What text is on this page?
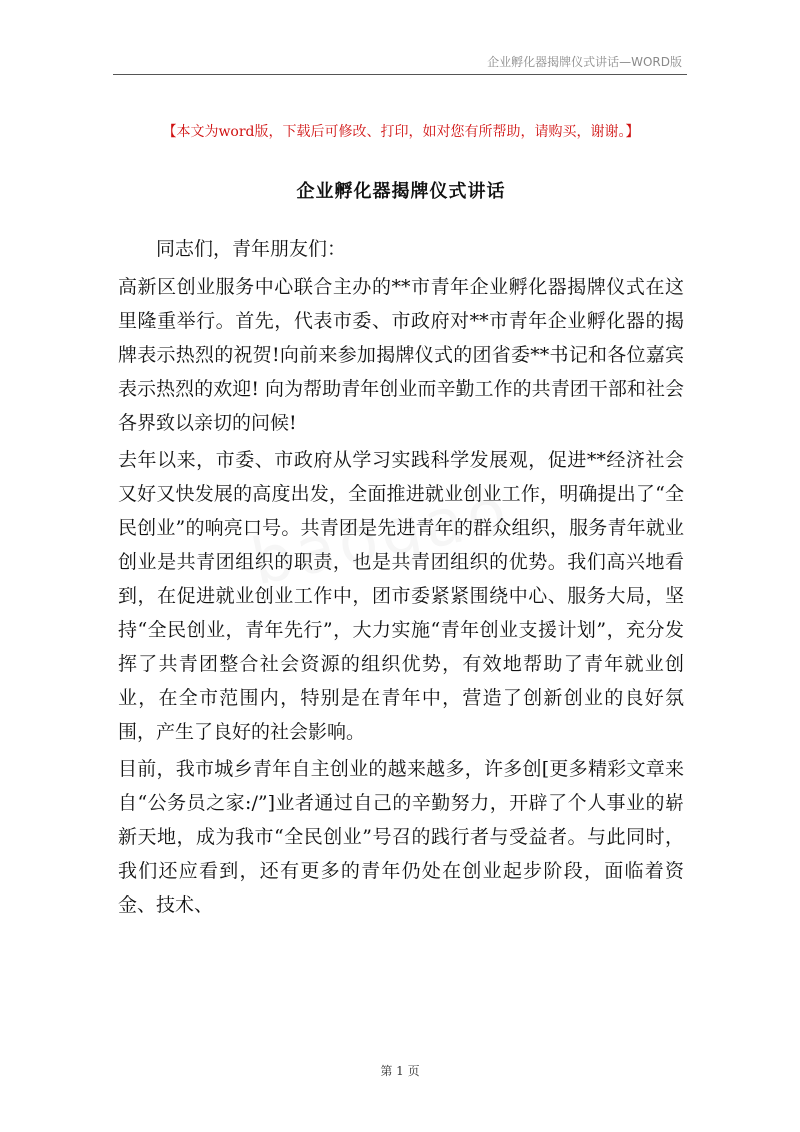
企业孵化器揭牌仪式讲话—WORD版
【本文为word版，下载后可修改、打印，如对您有所帮助，请购买，谢谢。】
企业孵化器揭牌仪式讲话

同志们，青年朋友们：

高新区创业服务中心联合主办的**市青年企业孵化器揭牌仪式在这里隆重举行。首先，代表市委、市政府对**市青年企业孵化器的揭牌表示热烈的祝贺!向前来参加揭牌仪式的团省委**书记和各位嘉宾表示热烈的欢迎! 向为帮助青年创业而辛勤工作的共青团干部和社会各界致以亲切的问候!

去年以来，市委、市政府从学习实践科学发展观，促进**经济社会又好又快发展的高度出发，全面推进就业创业工作，明确提出了“全民创业”的响亮口号。共青团是先进青年的群众组织，服务青年就业创业是共青团组织的职责，也是共青团组织的优势。我们高兴地看到，在促进就业创业工作中，团市委紧紧围绕中心、服务大局，坚持“全民创业，青年先行”，大力实施“青年创业支援计划”，充分发挥了共青团整合社会资源的组织优势，有效地帮助了青年就业创业，在全市范围内，特别是在青年中，营造了创新创业的良好氛围，产生了良好的社会影响。

目前，我市城乡青年自主创业的越来越多，许多创[更多精彩文章来自“公务员之家:/”]业者通过自己的辛勤努力，开辟了个人事业的崭新天地，成为我市“全民创业”号召的践行者与受益者。与此同时，我们还应看到，还有更多的青年仍处在创业起步阶段，面临着资金、技术、

第 1 页
